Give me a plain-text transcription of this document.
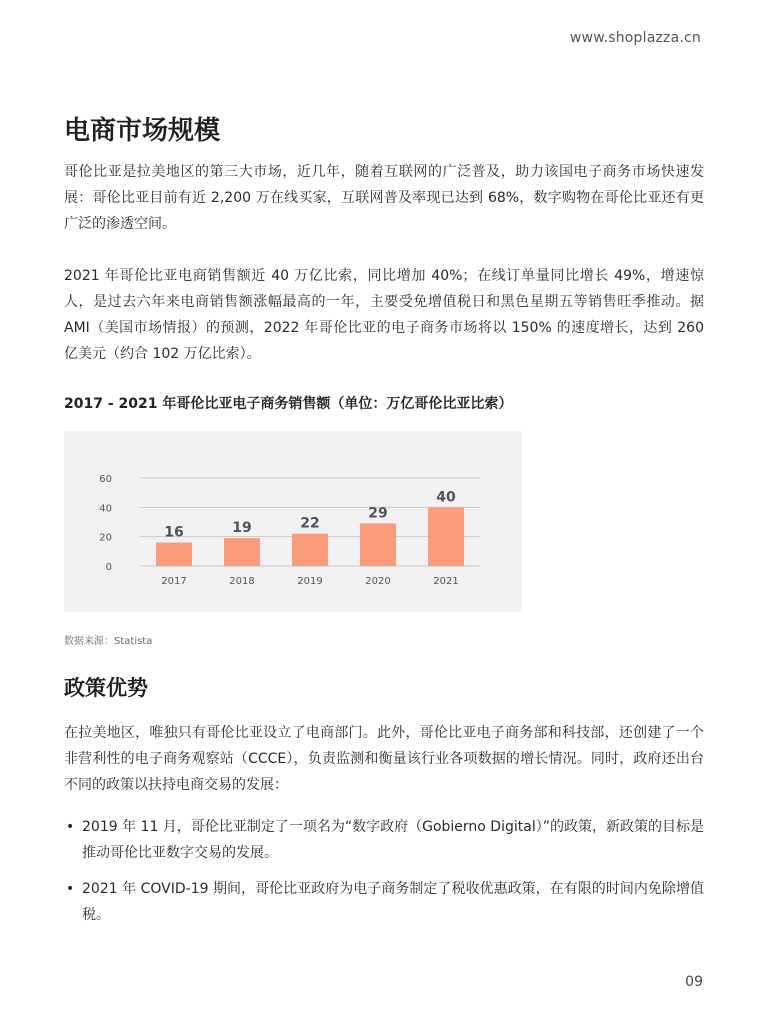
www.shoplazza.cn
电商市场规模

哥伦比亚是拉美地区的第三大市场，近几年，随着互联网的广泛普及，助力该国电子商务市场快速发展：哥伦比亚目前有近 2,200 万在线买家，互联网普及率现已达到 68%，数字购物在哥伦比亚还有更广泛的渗透空间。

2021 年哥伦比亚电商销售额近 40 万亿比索，同比增加 40%；在线订单量同比增长 49%，增速惊人，是过去六年来电商销售额涨幅最高的一年，主要受免增值税日和黑色星期五等销售旺季推动。据 AMI（美国市场情报）的预测，2022 年哥伦比亚的电子商务市场将以 150% 的速度增长，达到 260 亿美元（约合 102 万亿比索）。

2017 - 2021 年哥伦比亚电子商务销售额（单位：万亿哥伦比亚比索）
0
20
40
60
16
2017
19
2018
22
2019
29
2020
40
2021
数据来源：Statista
政策优势

在拉美地区，唯独只有哥伦比亚设立了电商部门。此外，哥伦比亚电子商务部和科技部，还创建了一个非营利性的电子商务观察站（CCCE），负责监测和衡量该行业各项数据的增长情况。同时，政府还出台不同的政策以扶持电商交易的发展：

• 2019 年 11 月，哥伦比亚制定了一项名为“数字政府（Gobierno Digital）”的政策，新政策的目标是推动哥伦比亚数字交易的发展。
• 2021 年 COVID-19 期间，哥伦比亚政府为电子商务制定了税收优惠政策，在有限的时间内免除增值税。
09
